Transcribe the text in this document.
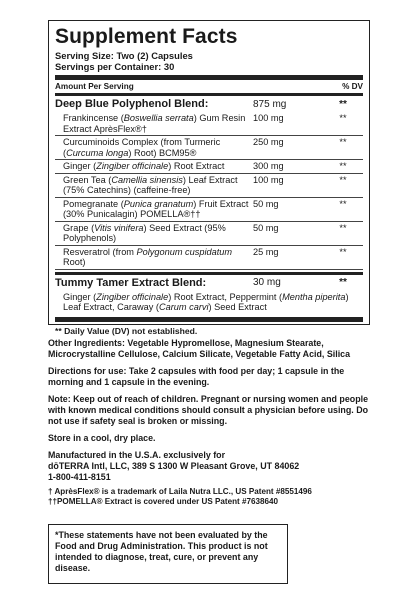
Supplement Facts
Serving Size: Two (2) Capsules
Servings per Container: 30
Amount Per Serving	% DV
Deep Blue Polyphenol Blend:	875 mg	**
Frankincense (Boswellia serrata) Gum Resin Extract AprèsFlex®†
100 mg	**
Curcuminoids Complex (from Turmeric (Curcuma longa) Root) BCM95®
250 mg	**
Ginger (Zingiber officinale) Root Extract	300 mg	**
Green Tea (Camellia sinensis) Leaf Extract (75% Catechins) (caffeine-free)
100 mg	**
Pomegranate (Punica granatum) Fruit Extract (30% Punicalagin) POMELLA®††
50 mg	**
Grape (Vitis vinifera) Seed Extract (95% Polyphenols)
50 mg	**
Resveratrol (from Polygonum cuspidatum Root)
25 mg	**
Tummy Tamer Extract Blend:	30 mg	**
Ginger (Zingiber officinale) Root Extract, Peppermint (Mentha piperita) Leaf Extract, Caraway (Carum carvi) Seed Extract
** Daily Value (DV) not established.

Other Ingredients: Vegetable Hypromellose, Magnesium Stearate, Microcrystalline Cellulose, Calcium Silicate, Vegetable Fatty Acid, Silica

Directions for use: Take 2 capsules with food per day; 1 capsule in the morning and 1 capsule in the evening.

Note: Keep out of reach of children. Pregnant or nursing women and people with known medical conditions should consult a physician before using. Do not use if safety seal is broken or missing.

Store in a cool, dry place.

Manufactured in the U.S.A. exclusively for
dōTERRA Intl, LLC, 389 S 1300 W Pleasant Grove, UT 84062
1-800-411-8151

† AprèsFlex® is a trademark of Laila Nutra LLC., US Patent #8551496

††POMELLA® Extract is covered under US Patent #7638640

*These statements have not been evaluated by the Food and Drug Administration. This product is not intended to diagnose, treat, cure, or prevent any disease.
